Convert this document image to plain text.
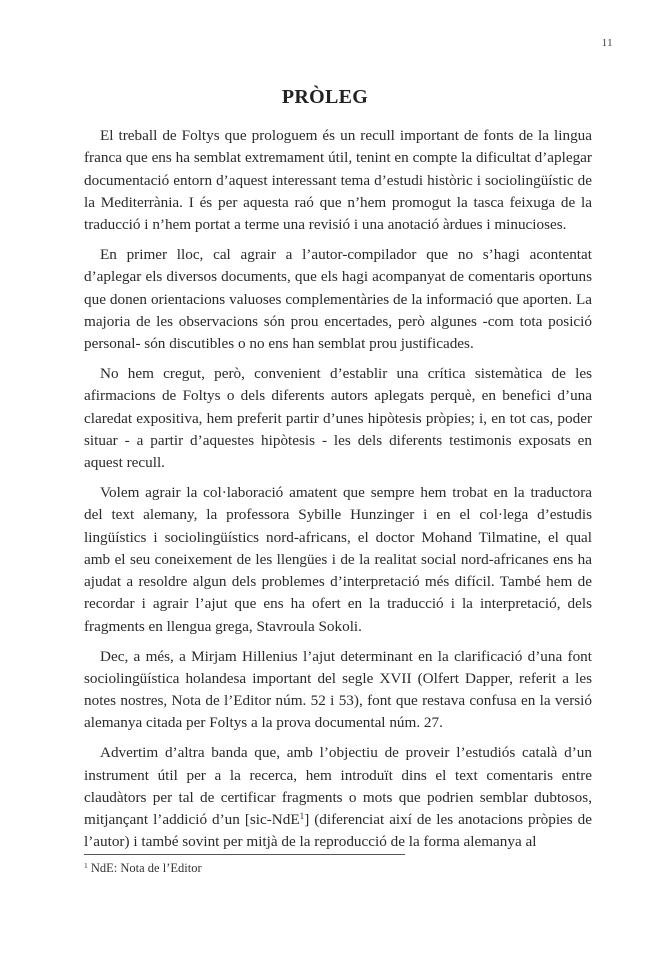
11
PRÒLEG

El treball de Foltys que prologuem és un recull important de fonts de la lingua franca que ens ha semblat extremament útil, tenint en compte la dificultat d’aplegar documentació entorn d’aquest interessant tema d’estudi històric i sociolingüístic de la Mediterrània. I és per aquesta raó que n’hem promogut la tasca feixuga de la traducció i n’hem portat a terme una revisió i una anotació àrdues i minucioses.

En primer lloc, cal agrair a l’autor-compilador que no s’hagi acontentat d’aplegar els diversos documents, que els hagi acompanyat de comentaris oportuns que donen orientacions valuoses complementàries de la informació que aporten. La majoria de les observacions són prou encertades, però algunes -com tota posició personal- són discutibles o no ens han semblat prou justificades.

No hem cregut, però, convenient d’establir una crítica sistemàtica de les afirmacions de Foltys o dels diferents autors aplegats perquè, en benefici d’una claredat expositiva, hem preferit partir d’unes hipòtesis pròpies; i, en tot cas, poder situar - a partir d’aquestes hipòtesis - les dels diferents testimonis exposats en aquest recull.

Volem agrair la col·laboració amatent que sempre hem trobat en la traductora del text alemany, la professora Sybille Hunzinger i en el col·lega d’estudis lingüístics i sociolingüístics nord-africans, el doctor Mohand Tilmatine, el qual amb el seu coneixement de les llengües i de la realitat social nord-africanes ens ha ajudat a resoldre algun dels problemes d’interpretació més difícil. També hem de recordar i agrair l’ajut que ens ha ofert en la traducció i la interpretació, dels fragments en llengua grega, Stavroula Sokoli.

Dec, a més, a Mirjam Hillenius l’ajut determinant en la clarificació d’una font sociolingüística holandesa important del segle XVII (Olfert Dapper, referit a les notes nostres, Nota de l’Editor núm. 52 i 53), font que restava confusa en la versió alemanya citada per Foltys a la prova documental núm. 27.

Advertim d’altra banda que, amb l’objectiu de proveir l’estudiós català d’un instrument útil per a la recerca, hem introduït dins el text comentaris entre claudàtors per tal de certificar fragments o mots que podrien semblar dubtosos, mitjançant l’addició d’un [sic-NdE$^1$] (diferenciat així de les anotacions pròpies de l’autor) i també sovint per mitjà de la reproducció de la forma alemanya al

$^1$ NdE: Nota de l’Editor
